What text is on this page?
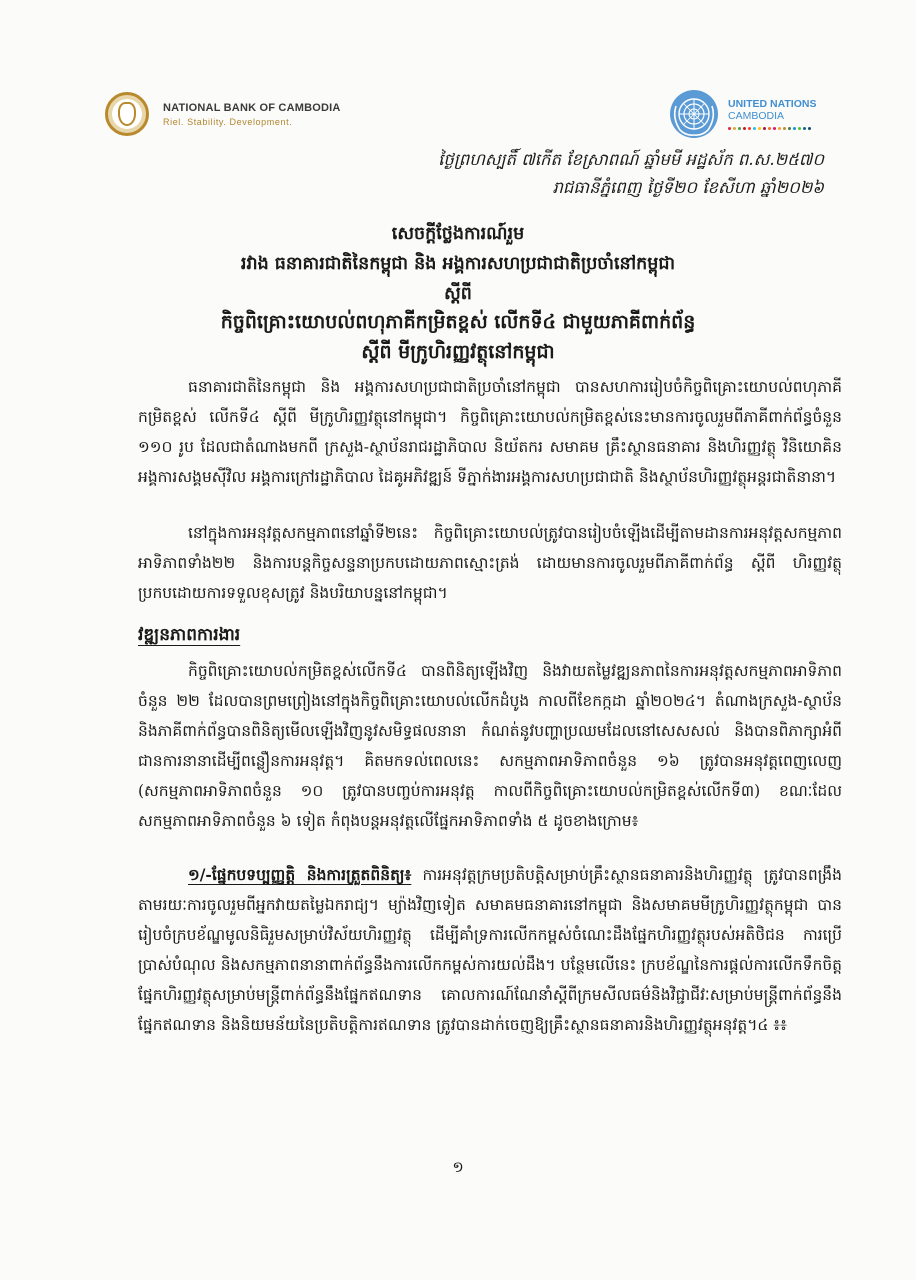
NATIONAL BANK OF CAMBODIA
Riel. Stability. Development.
UNITED NATIONS
CAMBODIA
ថ្ងៃព្រហស្បតិ៍ ៧កើត ខែស្រាពណ៍ ឆ្នាំមមី អដ្ឋស័ក ព.ស.២៥៧០
រាជធានីភ្នំពេញ ថ្ងៃទី២០ ខែសីហា ឆ្នាំ២០២៦
សេចក្តីថ្លែងការណ៍រួម
រវាង ធនាគារជាតិនៃកម្ពុជា និង អង្គការសហប្រជាជាតិប្រចាំនៅកម្ពុជា
ស្តីពី
កិច្ចពិគ្រោះយោបល់ពហុភាគីកម្រិតខ្ពស់ លើកទី៤ ជាមួយភាគីពាក់ព័ន្ធ
ស្តីពី មីក្រូហិរញ្ញវត្ថុនៅកម្ពុជា
ធនាគារជាតិនៃកម្ពុជា និង អង្គការសហប្រជាជាតិប្រចាំនៅកម្ពុជា បានសហការរៀបចំកិច្ចពិគ្រោះយោបល់ពហុភាគីកម្រិតខ្ពស់ លើកទី៤ ស្តីពី មីក្រូហិរញ្ញវត្ថុនៅកម្ពុជា។ កិច្ចពិគ្រោះយោបល់កម្រិតខ្ពស់នេះមានការចូលរួមពីភាគីពាក់ព័ន្ធចំនួន ១១០ រូប ដែលជាតំណាងមកពី ក្រសួង-ស្ថាប័នរាជរដ្ឋាភិបាល និយ័តករ សមាគម គ្រឹះស្ថានធនាគារ និងហិរញ្ញវត្ថុ វិនិយោគិន អង្គការសង្គមស៊ីវិល អង្គការក្រៅរដ្ឋាភិបាល ដៃគូអភិវឌ្ឍន៍ ទីភ្នាក់ងារអង្គការសហប្រជាជាតិ និងស្ថាប័នហិរញ្ញវត្ថុអន្តរជាតិនានា។
នៅក្នុងការអនុវត្តសកម្មភាពនៅឆ្នាំទី២នេះ កិច្ចពិគ្រោះយោបល់ត្រូវបានរៀបចំឡើងដើម្បីតាមដានការអនុវត្តសកម្មភាពអាទិភាពទាំង២២ និងការបន្តកិច្ចសន្ទនាប្រកបដោយភាពស្មោះត្រង់ ដោយមានការចូលរួមពីភាគីពាក់ព័ន្ធ ស្តីពី ហិរញ្ញវត្ថុប្រកបដោយការទទួលខុសត្រូវ និងបរិយាបន្ននៅកម្ពុជា។
វឌ្ឍនភាពការងារ
កិច្ចពិគ្រោះយោបល់កម្រិតខ្ពស់លើកទី៤ បានពិនិត្យឡើងវិញ និងវាយតម្លៃវឌ្ឍនភាពនៃការអនុវត្តសកម្មភាពអាទិភាពចំនួន ២២ ដែលបានព្រមព្រៀងនៅក្នុងកិច្ចពិគ្រោះយោបល់លើកដំបូង កាលពីខែកក្កដា ឆ្នាំ២០២៤។ តំណាងក្រសួង-ស្ថាប័ន និងភាគីពាក់ព័ន្ធបានពិនិត្យមើលឡើងវិញនូវសមិទ្ធផលនានា កំណត់នូវបញ្ហាប្រឈមដែលនៅសេសសល់ និងបានពិភាក្សាអំពីជានការនានាដើម្បីពន្លឿនការអនុវត្ត។ គិតមកទល់ពេលនេះ សកម្មភាពអាទិភាពចំនួន ១៦ ត្រូវបានអនុវត្តពេញលេញ (សកម្មភាពអាទិភាពចំនួន ១០ ត្រូវបានបញ្ចប់ការអនុវត្ត កាលពីកិច្ចពិគ្រោះយោបល់កម្រិតខ្ពស់លើកទី៣) ខណៈដែលសកម្មភាពអាទិភាពចំនួន ៦ ទៀត កំពុងបន្តអនុវត្តលើផ្នែកអាទិភាពទាំង ៥ ដូចខាងក្រោម៖
១/-ផ្នែកបទប្បញ្ញត្តិ និងការត្រួតពិនិត្យ៖ ការអនុវត្តក្រមប្រតិបត្តិសម្រាប់គ្រឹះស្ថានធនាគារនិងហិរញ្ញវត្ថុ ត្រូវបានពង្រឹងតាមរយៈការចូលរួមពីអ្នកវាយតម្លៃឯករាជ្យ។ ម្យ៉ាងវិញទៀត សមាគមធនាគារនៅកម្ពុជា និងសមាគមមីក្រូហិរញ្ញវត្ថុកម្ពុជា បានរៀបចំក្របខ័ណ្ឌមូលនិធិរួមសម្រាប់វិស័យហិរញ្ញវត្ថុ ដើម្បីគាំទ្រការលើកកម្ពស់ចំណេះដឹងផ្នែកហិរញ្ញវត្ថុរបស់អតិថិជន ការប្រើប្រាស់បំណុល និងសកម្មភាពនានាពាក់ព័ន្ធនឹងការលើកកម្ពស់ការយល់ដឹង។ បន្ថែមលើនេះ ក្របខ័ណ្ឌនៃការផ្តល់ការលើកទឹកចិត្តផ្នែកហិរញ្ញវត្ថុសម្រាប់មន្ត្រីពាក់ព័ន្ធនឹងផ្នែកឥណទាន គោលការណ៍ណែនាំស្តីពីក្រមសីលធម៌និងវិជ្ជាជីវៈសម្រាប់មន្ត្រីពាក់ព័ន្ធនឹងផ្នែកឥណទាន និងនិយមន័យនៃប្រតិបត្តិការឥណទាន ត្រូវបានដាក់ចេញឱ្យគ្រឹះស្ថានធនាគារនិងហិរញ្ញវត្ថុអនុវត្ត។៤ ៖៖
១
